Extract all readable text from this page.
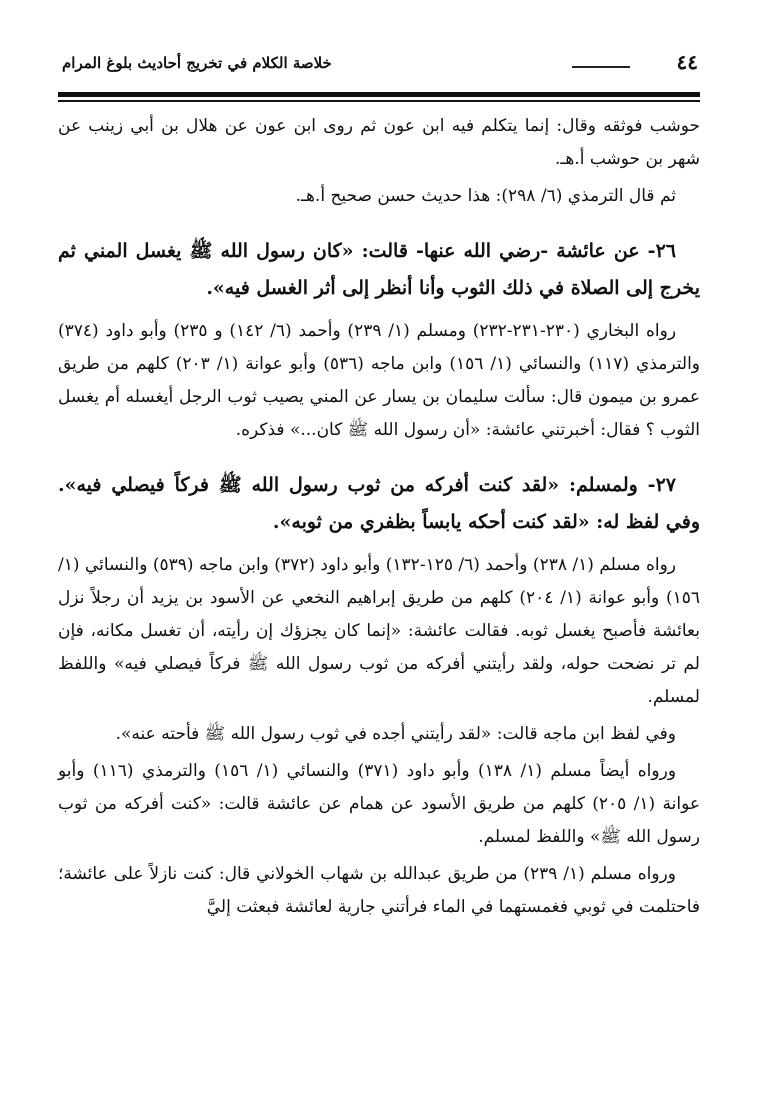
٤٤
خلاصة الكلام في تخريج أحاديث بلوغ المرام

حوشب فوثقه وقال: إنما يتكلم فيه ابن عون ثم روى ابن عون عن هلال بن أبي زينب عن شهر بن حوشب أ.هـ.

ثم قال الترمذي (٦/ ٢٩٨): هذا حديث حسن صحيح أ.هـ.

٢٦- عن عائشة -رضي الله عنها- قالت: «كان رسول الله ﷺ يغسل المني ثم يخرج إلى الصلاة في ذلك الثوب وأنا أنظر إلى أثر الغسل فيه».

رواه البخاري (٢٣٠-٢٣١-٢٣٢) ومسلم (١/ ٢٣٩) وأحمد (٦/ ١٤٢) و ٢٣٥) وأبو داود (٣٧٤) والترمذي (١١٧) والنسائي (١/ ١٥٦) وابن ماجه (٥٣٦) وأبو عوانة (١/ ٢٠٣) كلهم من طريق عمرو بن ميمون قال: سألت سليمان بن يسار عن المني يصيب ثوب الرجل أيغسله أم يغسل الثوب ؟ فقال: أخبرتني عائشة: «أن رسول الله ﷺ كان...» فذكره.

٢٧- ولمسلم: «لقد كنت أفركه من ثوب رسول الله ﷺ فركاً فيصلي فيه». وفي لفظ له: «لقد كنت أحكه يابساً بظفري من ثوبه».

رواه مسلم (١/ ٢٣٨) وأحمد (٦/ ١٢٥-١٣٢) وأبو داود (٣٧٢) وابن ماجه (٥٣٩) والنسائي (١/ ١٥٦) وأبو عوانة (١/ ٢٠٤) كلهم من طريق إبراهيم النخعي عن الأسود بن يزيد أن رجلاً نزل بعائشة فأصبح يغسل ثوبه. فقالت عائشة: «إنما كان يجزؤك إن رأيته، أن تغسل مكانه، فإن لم تر نضحت حوله، ولقد رأيتني أفركه من ثوب رسول الله ﷺ فركاً فيصلي فيه» واللفظ لمسلم.

وفي لفظ ابن ماجه قالت: «لقد رأيتني أجده في ثوب رسول الله ﷺ فأحته عنه».

ورواه أيضاً مسلم (١/ ١٣٨) وأبو داود (٣٧١) والنسائي (١/ ١٥٦) والترمذي (١١٦) وأبو عوانة (١/ ٢٠٥) كلهم من طريق الأسود عن همام عن عائشة قالت: «كنت أفركه من ثوب رسول الله ﷺ» واللفظ لمسلم.

ورواه مسلم (١/ ٢٣٩) من طريق عبدالله بن شهاب الخولاني قال: كنت نازلاً على عائشة؛ فاحتلمت في ثوبي فغمستهما في الماء فرأتني جارية لعائشة فبعثت إليَّ
